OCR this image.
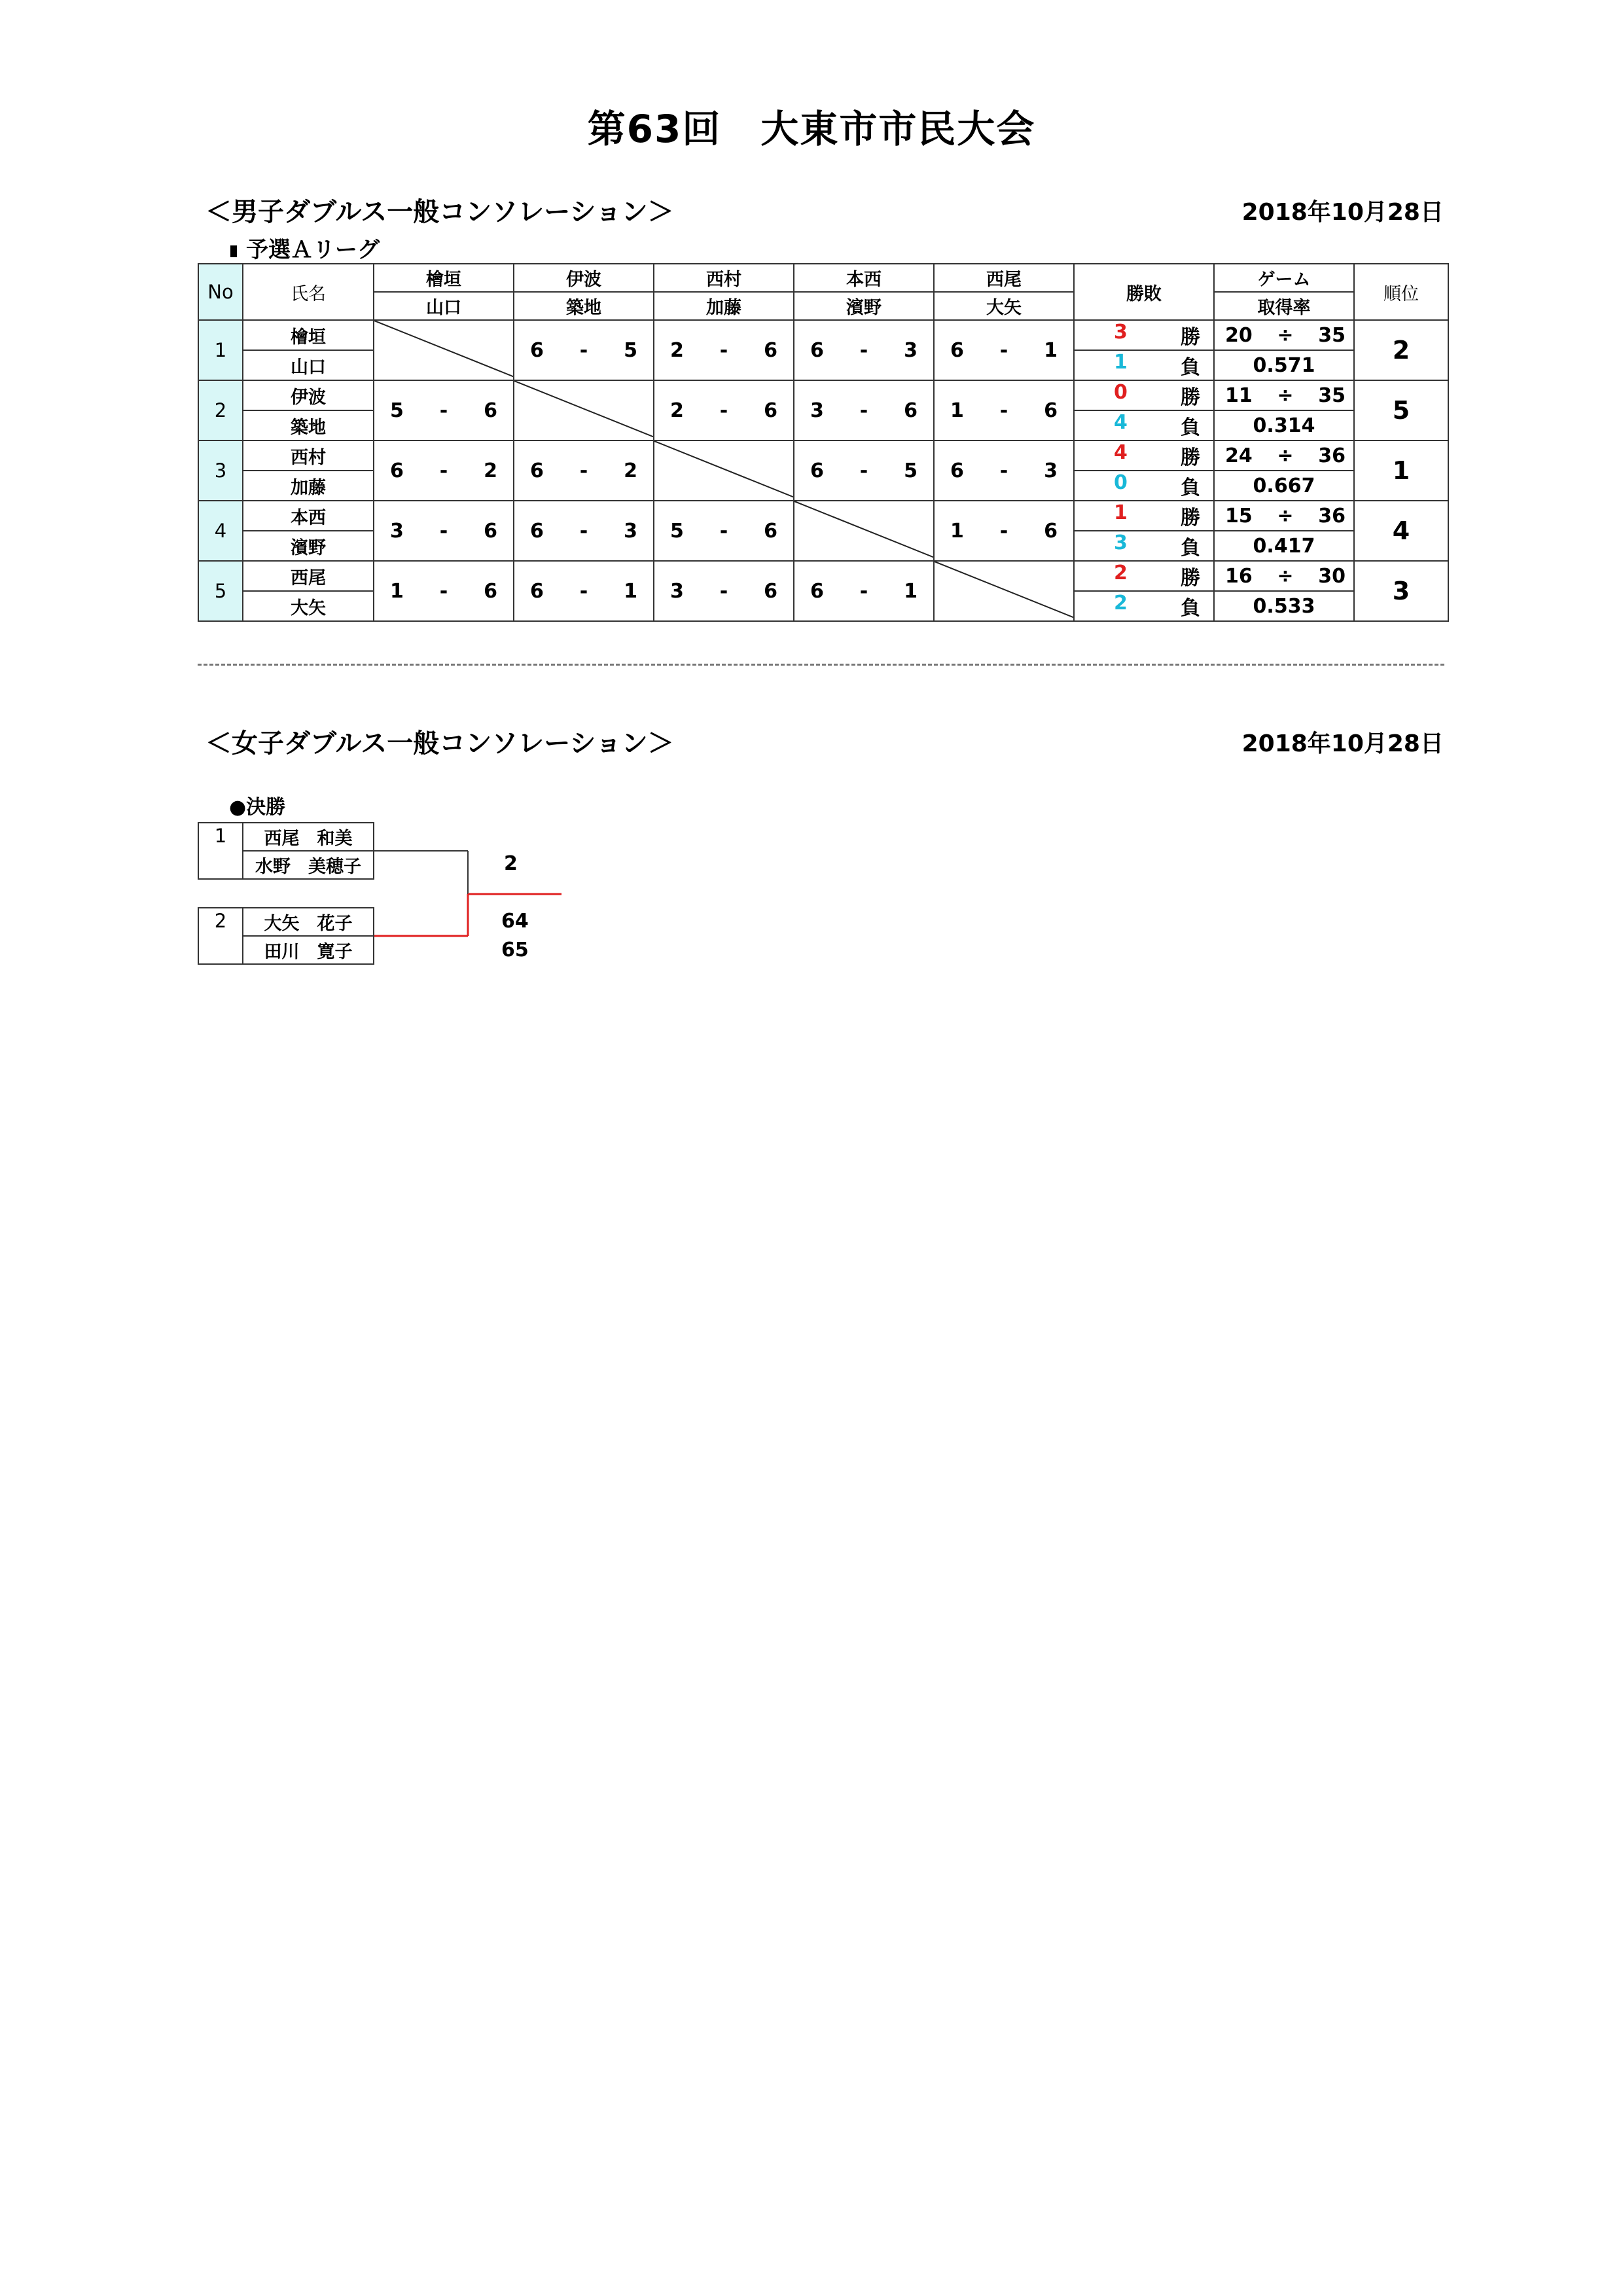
第63回　大東市市民大会
＜男子ダブルス一般コンソレーション＞	2018年10月28日
予選Ａリーグ
No	氏名	檜垣	伊波	西村	本西	西尾	勝敗	ゲーム	順位
		山口	築地	加藤	濱野	大矢		取得率	
1	檜垣		6 - 5	2 - 6	6 - 3	6 - 1	3 勝	20 ÷ 35	2
	山口						1 負	0.571	
2	伊波	5 - 6		2 - 6	3 - 6	1 - 6	0 勝	11 ÷ 35	5
	築地						4 負	0.314	
3	西村	6 - 2	6 - 2		6 - 5	6 - 3	4 勝	24 ÷ 36	1
	加藤						0 負	0.667	
4	本西	3 - 6	6 - 3	5 - 6		1 - 6	1 勝	15 ÷ 36	4
	濱野						3 負	0.417	
5	西尾	1 - 6	6 - 1	3 - 6	6 - 1		2 勝	16 ÷ 30	3
	大矢						2 負	0.533	
＜女子ダブルス一般コンソレーション＞	2018年10月28日
●決勝
1	西尾　和美
水野　美穂子
2	大矢　花子
田川　寛子
2
64
65
